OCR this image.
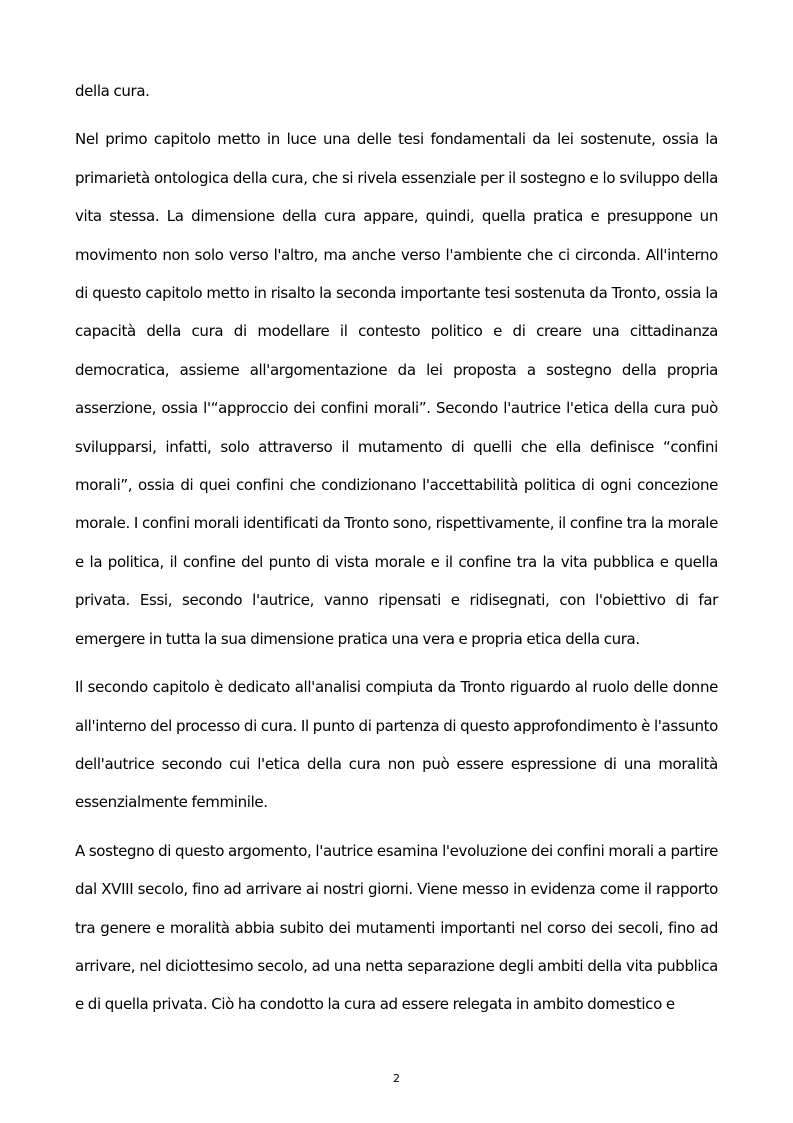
della cura.

Nel primo capitolo metto in luce una delle tesi fondamentali da lei sostenute, ossia la primarietà ontologica della cura, che si rivela essenziale per il sostegno e lo sviluppo della vita stessa. La dimensione della cura appare, quindi, quella pratica e presuppone un movimento non solo verso l'altro, ma anche verso l'ambiente che ci circonda. All'interno di questo capitolo metto in risalto la seconda importante tesi sostenuta da Tronto, ossia la capacità della cura di modellare il contesto politico e di creare una cittadinanza democratica, assieme all'argomentazione da lei proposta a sostegno della propria asserzione, ossia l'“approccio dei confini morali”. Secondo l'autrice l'etica della cura può svilupparsi, infatti, solo attraverso il mutamento di quelli che ella definisce “confini morali”, ossia di quei confini che condizionano l'accettabilità politica di ogni concezione morale. I confini morali identificati da Tronto sono, rispettivamente, il confine tra la morale e la politica, il confine del punto di vista morale e il confine tra la vita pubblica e quella privata. Essi, secondo l'autrice, vanno ripensati e ridisegnati, con l'obiettivo di far emergere in tutta la sua dimensione pratica una vera e propria etica della cura.

Il secondo capitolo è dedicato all'analisi compiuta da Tronto riguardo al ruolo delle donne all'interno del processo di cura. Il punto di partenza di questo approfondimento è l'assunto dell'autrice secondo cui l'etica della cura non può essere espressione di una moralità essenzialmente femminile.

A sostegno di questo argomento, l'autrice esamina l'evoluzione dei confini morali a partire dal XVIII secolo, fino ad arrivare ai nostri giorni. Viene messo in evidenza come il rapporto tra genere e moralità abbia subito dei mutamenti importanti nel corso dei secoli, fino ad arrivare, nel diciottesimo secolo, ad una netta separazione degli ambiti della vita pubblica e di quella privata. Ciò ha condotto la cura ad essere relegata in ambito domestico e

2
